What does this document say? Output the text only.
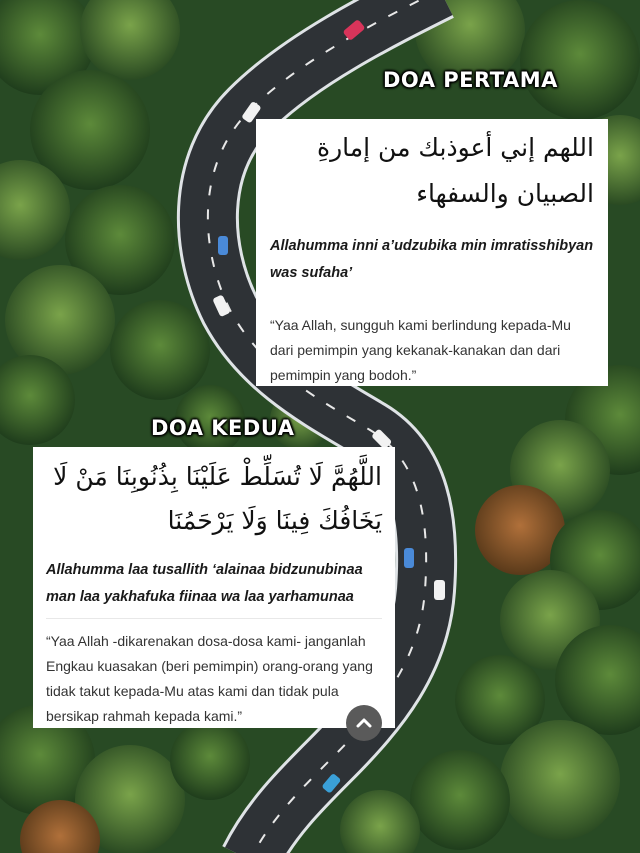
DOA PERTAMA
اللهم إني أعوذبك من إمارةِ الصبيان والسفهاء
Allahumma inni a’udzubika min imratisshibyan was sufaha’
“Yaa Allah, sungguh kami berlindung kepada-Mu dari pemimpin yang kekanak-kanakan dan dari pemimpin yang bodoh.”
DOA KEDUA
اللَّهُمَّ لَا تُسَلِّطْ عَلَيْنَا بِذُنُوبِنَا مَنْ لَا يَخَافُكَ فِينَا وَلَا يَرْحَمُنَا
Allahumma laa tusallith ‘alainaa bidzunubinaa man laa yakhafuka fiinaa wa laa yarhamunaa
“Yaa Allah -dikarenakan dosa-dosa kami- janganlah Engkau kuasakan (beri pemimpin) orang-orang yang tidak takut kepada-Mu atas kami dan tidak pula bersikap rahmah kepada kami.”
